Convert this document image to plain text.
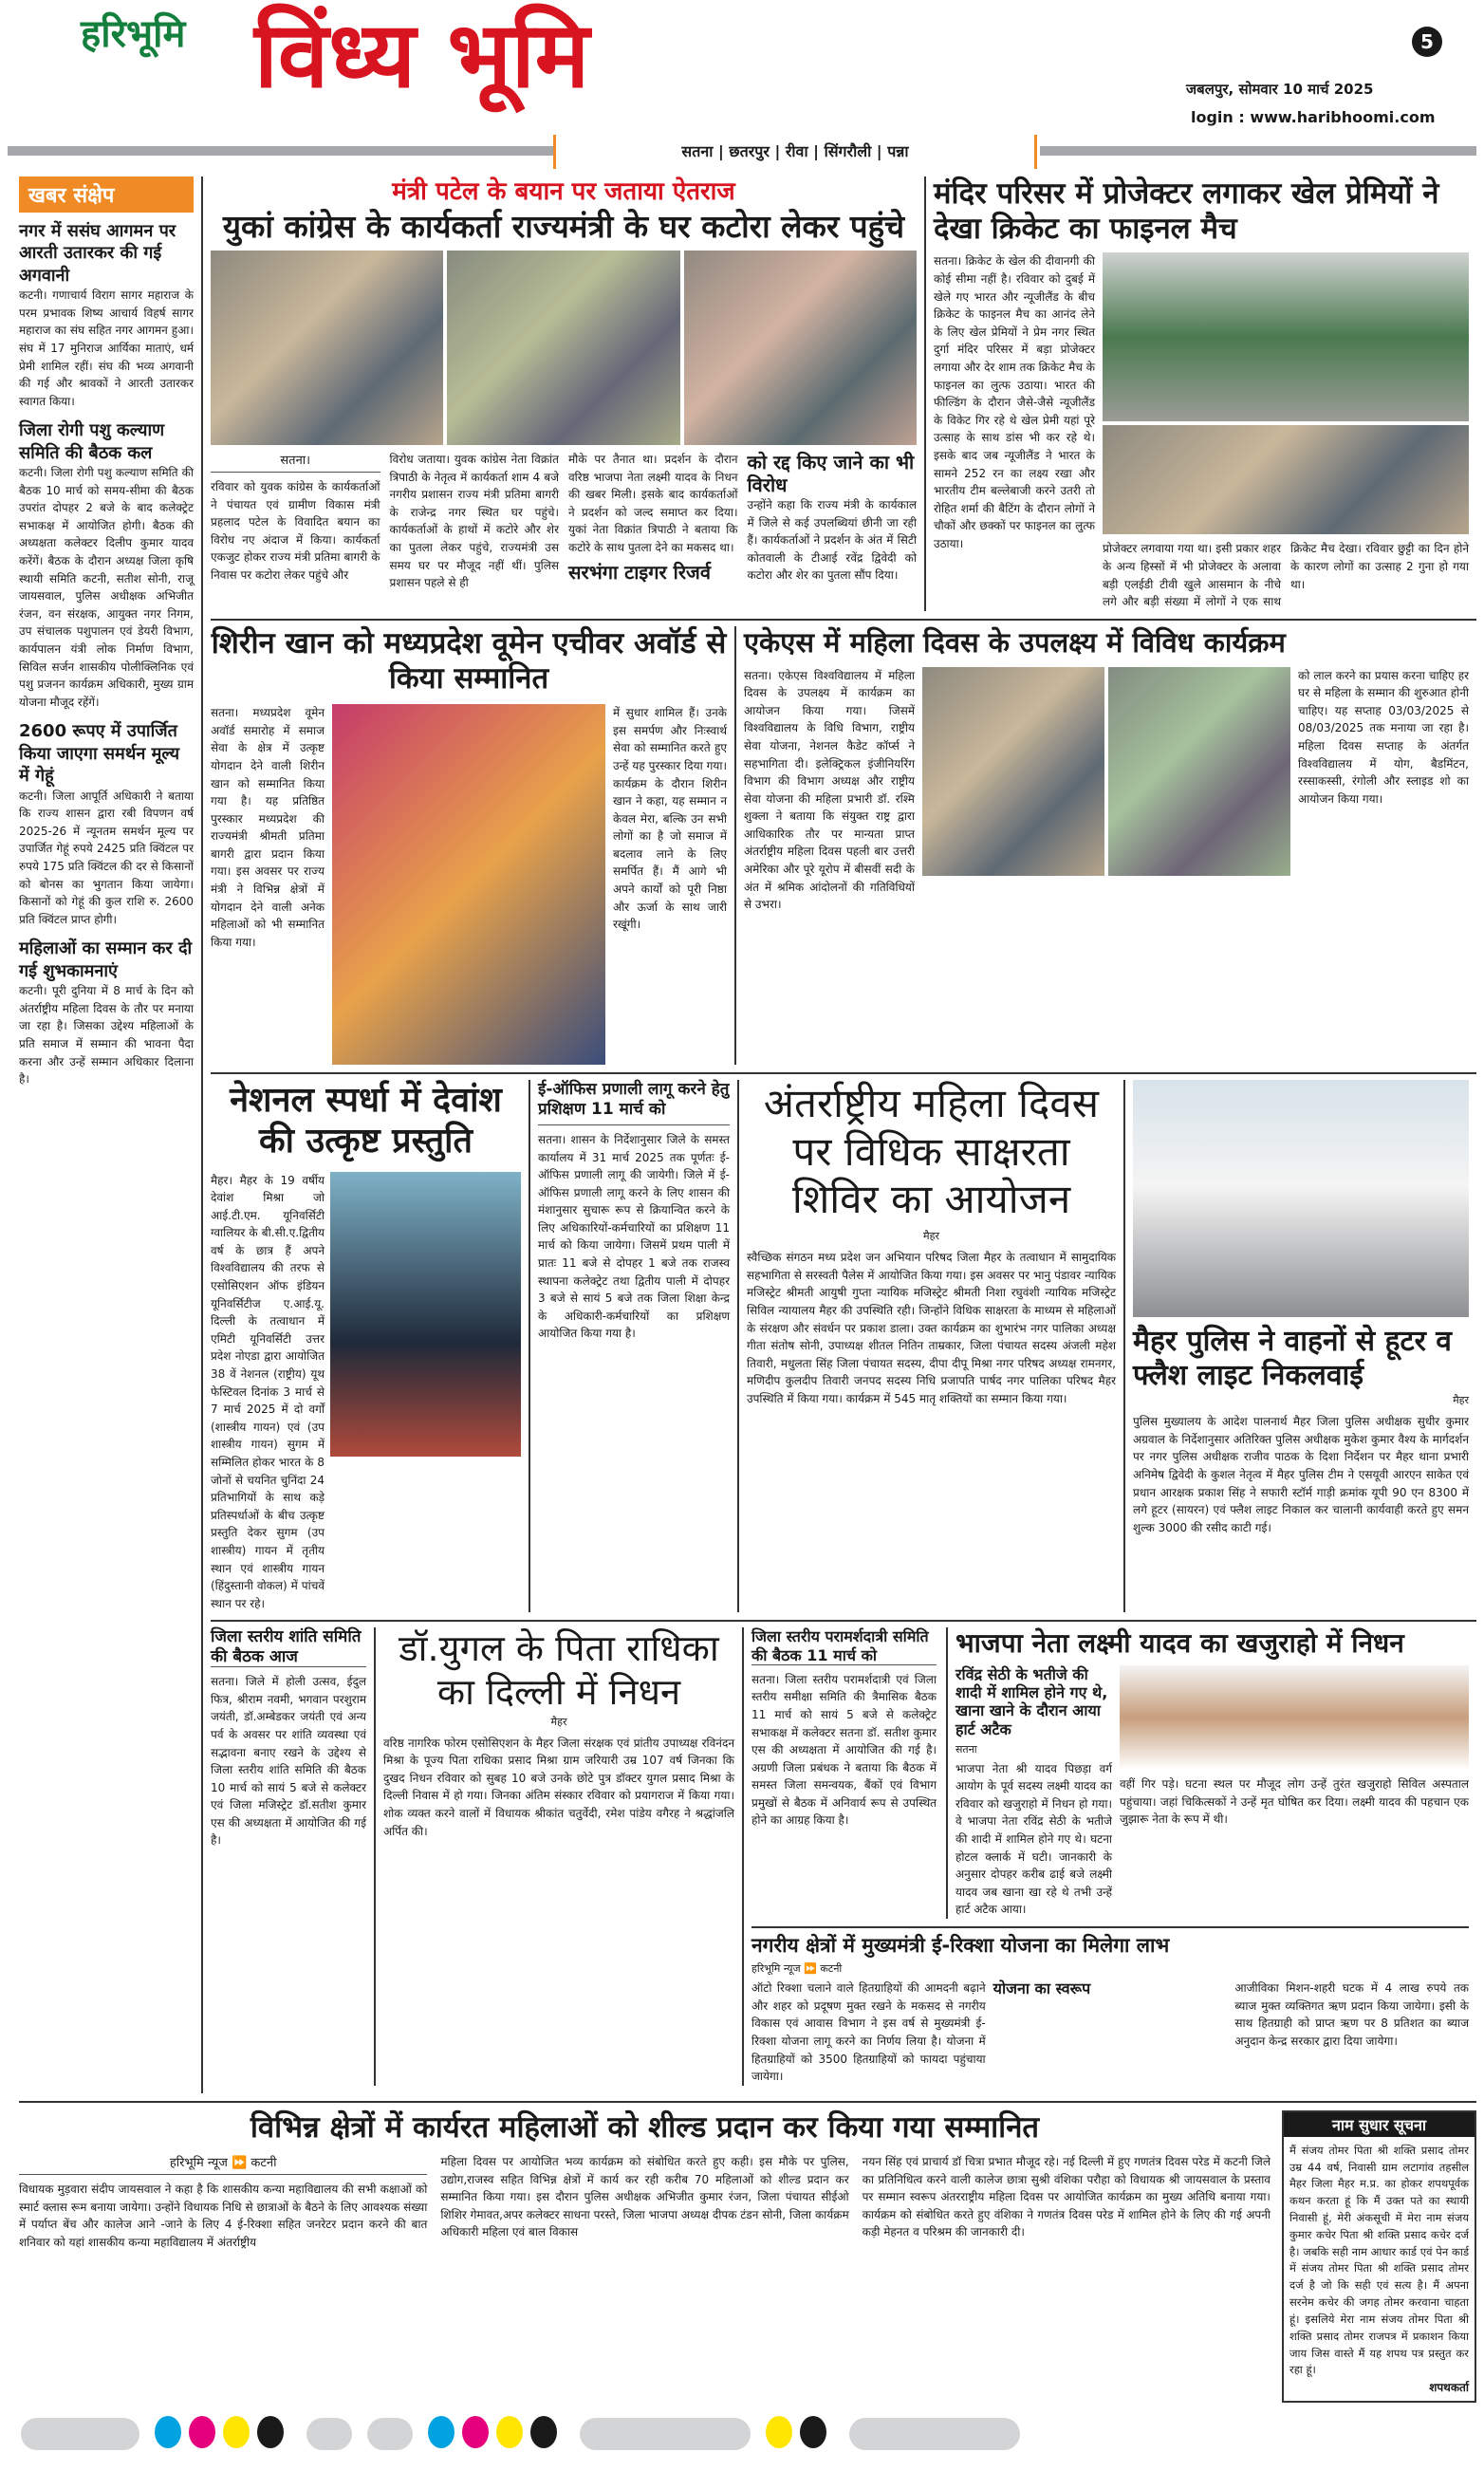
हरिभूमि विंध्य भूमि	5
जबलपुर, सोमवार 10 मार्च 2025
login : www.haribhoomi.com
सतना | छतरपुर | रीवा | सिंगरौली | पन्ना
खबर संक्षेप
नगर में ससंघ आगमन पर आरती उतारकर की गई अगवानी
कटनी। गणाचार्य विराग सागर महाराज के परम प्रभावक शिष्य आचार्य विहर्ष सागर महाराज का संघ सहित नगर आगमन हुआ। संघ में 17 मुनिराज आर्यिका माताएं, धर्म प्रेमी शामिल रहीं। संघ की भव्य अगवानी की गई और श्रावकों ने आरती उतारकर स्वागत किया।
जिला रोगी पशु कल्याण समिति की बैठक कल
कटनी। जिला रोगी पशु कल्याण समिति की बैठक 10 मार्च को समय-सीमा की बैठक उपरांत दोपहर 2 बजे के बाद कलेक्ट्रेट सभाकक्ष में आयोजित होगी। बैठक की अध्यक्षता कलेक्टर दिलीप कुमार यादव करेंगें। बैठक के दौरान अध्यक्ष जिला कृषि स्थायी समिति कटनी, सतीश सोनी, राजू जायसवाल, पुलिस अधीक्षक अभिजीत रंजन, वन संरक्षक, आयुक्त नगर निगम, उप संचालक पशुपालन एवं डेयरी विभाग, कार्यपालन यंत्री लोक निर्माण विभाग, सिविल सर्जन शासकीय पोलीक्लिनिक एवं पशु प्रजनन कार्यक्रम अधिकारी, मुख्य ग्राम योजना मौजूद रहेंगें।
2600 रूपए में उपार्जित किया जाएगा समर्थन मूल्य में गेहूं
कटनी। जिला आपूर्ति अधिकारी ने बताया कि राज्य शासन द्वारा रबी विपणन वर्ष 2025-26 में न्यूनतम समर्थन मूल्य पर उपार्जित गेहूं रुपये 2425 प्रति क्विंटल पर रुपये 175 प्रति क्विंटल की दर से किसानों को बोनस का भुगतान किया जायेगा। किसानों को गेहूं की कुल राशि रु. 2600 प्रति क्विंटल प्राप्त होगी।
महिलाओं का सम्मान कर दी गई शुभकामनाएं
कटनी। पूरी दुनिया में 8 मार्च के दिन को अंतर्राष्ट्रीय महिला दिवस के तौर पर मनाया जा रहा है। जिसका उद्देश्य महिलाओं के प्रति समाज में सम्मान की भावना पैदा करना और उन्हें सम्मान अधिकार दिलाना है।
मंत्री पटेल के बयान पर जताया ऐतराज
युकां कांग्रेस के कार्यकर्ता राज्यमंत्री के घर कटोरा लेकर पहुंचे
सतना।
रविवार को युवक कांग्रेस के कार्यकर्ताओं ने पंचायत एवं ग्रामीण विकास मंत्री प्रहलाद पटेल के विवादित बयान का विरोध नए अंदाज में किया। कार्यकर्ता एकजुट होकर राज्य मंत्री प्रतिमा बागरी के निवास पर कटोरा लेकर पहुंचे और
विरोध जताया। युवक कांग्रेस नेता विक्रांत त्रिपाठी के नेतृत्व में कार्यकर्ता शाम 4 बजे नगरीय प्रशासन राज्य मंत्री प्रतिमा बागरी के राजेन्द्र नगर स्थित घर पहुंचे। कार्यकर्ताओं के हाथों में कटोरे और शेर का पुतला लेकर पहुंचे, राज्यमंत्री उस समय घर पर मौजूद नहीं थीं। पुलिस प्रशासन पहले से ही
मौके पर तैनात था। प्रदर्शन के दौरान वरिष्ठ भाजपा नेता लक्ष्मी यादव के निधन की खबर मिली। इसके बाद कार्यकर्ताओं ने प्रदर्शन को जल्द समाप्त कर दिया। युकां नेता विक्रांत त्रिपाठी ने बताया कि कटोरे के साथ पुतला देने का मकसद था।
सरभंगा टाइगर रिजर्व
को रद्द किए जाने का भी विरोध
उन्होंने कहा कि राज्य मंत्री के कार्यकाल में जिले से कई उपलब्धियां छीनी जा रही हैं। कार्यकर्ताओं ने प्रदर्शन के अंत में सिटी कोतवाली के टीआई रवेंद्र द्विवेदी को कटोरा और शेर का पुतला सौंप दिया।
मंदिर परिसर में प्रोजेक्टर लगाकर खेल प्रेमियों ने देखा क्रिकेट का फाइनल मैच
सतना। क्रिकेट के खेल की दीवानगी की कोई सीमा नहीं है। रविवार को दुबई में खेले गए भारत और न्यूजीलैंड के बीच क्रिकेट के फाइनल मैच का आनंद लेने के लिए खेल प्रेमियों ने प्रेम नगर स्थित दुर्गा मंदिर परिसर में बड़ा प्रोजेक्टर लगाया और देर शाम तक क्रिकेट मैच के फाइनल का लुत्फ उठाया। भारत की फील्डिंग के दौरान जैसे-जैसे न्यूजीलैंड के विकेट गिर रहे थे खेल प्रेमी यहां पूरे उत्साह के साथ डांस भी कर रहे थे। इसके बाद जब न्यूजीलैंड ने भारत के सामने 252 रन का लक्ष्य रखा और भारतीय टीम बल्लेबाजी करने उतरी तो रोहित शर्मा की बैटिंग के दौरान लोगों ने चौकों और छक्कों पर फाइनल का लुत्फ उठाया।	प्रोजेक्टर लगवाया गया था। इसी प्रकार शहर के अन्य हिस्सों में भी प्रोजेक्टर के अलावा बड़ी एलईडी टीवी खुले आसमान के नीचे लगे और बड़ी संख्या में लोगों ने एक साथ क्रिकेट मैच देखा। रविवार छुट्टी का दिन होने के कारण लोगों का उत्साह 2 गुना हो गया था।
शिरीन खान को मध्यप्रदेश वूमेन एचीवर अवॉर्ड से किया सम्मानित
सतना। मध्यप्रदेश वूमेन अवॉर्ड समारोह में समाज सेवा के क्षेत्र में उत्कृष्ट योगदान देने वाली शिरीन खान को सम्मानित किया गया है। यह प्रतिष्ठित पुरस्कार मध्यप्रदेश की राज्यमंत्री श्रीमती प्रतिमा बागरी द्वारा प्रदान किया गया। इस अवसर पर राज्य मंत्री ने विभिन्न क्षेत्रों में योगदान देने वाली अनेक महिलाओं को भी सम्मानित किया गया।
में सुधार शामिल हैं। उनके इस समर्पण और निःस्वार्थ सेवा को सम्मानित करते हुए उन्हें यह पुरस्कार दिया गया। कार्यक्रम के दौरान शिरीन खान ने कहा, यह सम्मान न केवल मेरा, बल्कि उन सभी लोगों का है जो समाज में बदलाव लाने के लिए समर्पित हैं। मैं आगे भी अपने कार्यों को पूरी निष्ठा और ऊर्जा के साथ जारी रखूंगी।
एकेएस में महिला दिवस के उपलक्ष्य में विविध कार्यक्रम
सतना। एकेएस विश्वविद्यालय में महिला दिवस के उपलक्ष्य में कार्यक्रम का आयोजन किया गया। जिसमें विश्वविद्यालय के विधि विभाग, राष्ट्रीय सेवा योजना, नेशनल कैडेट कॉर्प्स ने सहभागिता दी। इलेक्ट्रिकल इंजीनियरिंग विभाग की विभाग अध्यक्ष और राष्ट्रीय सेवा योजना की महिला प्रभारी डॉ. रश्मि शुक्ला ने बताया कि संयुक्त राष्ट्र द्वारा आधिकारिक तौर पर मान्यता प्राप्त अंतर्राष्ट्रीय महिला दिवस पहली बार उत्तरी अमेरिका और पूरे यूरोप में बीसवीं सदी के अंत में श्रमिक आंदोलनों की गतिविधियों से उभरा।
को लाल करने का प्रयास करना चाहिए हर घर से महिला के सम्मान की शुरुआत होनी चाहिए। यह सप्ताह 03/03/2025 से 08/03/2025 तक मनाया जा रहा है। महिला दिवस सप्ताह के अंतर्गत विश्वविद्यालय में योग, बैडमिंटन, रस्साकस्सी, रंगोली और स्लाइड शो का आयोजन किया गया।
नेशनल स्पर्धा में देवांश की उत्कृष्ट प्रस्तुति
मैहर। मैहर के 19 वर्षीय देवांश मिश्रा जो आई.टी.एम. यूनिवर्सिटी ग्वालियर के बी.सी.ए.द्वितीय वर्ष के छात्र हैं अपने विश्वविद्यालय की तरफ से एसोसिएशन ऑफ इंडियन यूनिवर्सिटीज ए.आई.यू. दिल्ली के तत्वाधान में एमिटी यूनिवर्सिटी उत्तर प्रदेश नोएडा द्वारा आयोजित 38 वें नेशनल (राष्ट्रीय) यूथ फेस्टिवल दिनांक 3 मार्च से 7 मार्च 2025 में दो वर्गों (शास्त्रीय गायन) एवं (उप शास्त्रीय गायन) सुगम में सम्मिलित होकर भारत के 8 जोनों से चयनित चुनिंदा 24 प्रतिभागियों के साथ कड़े प्रतिस्पर्धाओं के बीच उत्कृष्ट प्रस्तुति देकर सुगम (उप शास्त्रीय) गायन में तृतीय स्थान एवं शास्त्रीय गायन (हिंदुस्तानी वोकल) में पांचवें स्थान पर रहे।
ई-ऑफिस प्रणाली लागू करने हेतु प्रशिक्षण 11 मार्च को
सतना। शासन के निर्देशानुसार जिले के समस्त कार्यालय में 31 मार्च 2025 तक पूर्णतः ई-ऑफिस प्रणाली लागू की जायेगी। जिले में ई-ऑफिस प्रणाली लागू करने के लिए शासन की मंशानुसार सुचारू रूप से क्रियान्वित करने के लिए अधिकारियों-कर्मचारियों का प्रशिक्षण 11 मार्च को किया जायेगा। जिसमें प्रथम पाली में प्रातः 11 बजे से दोपहर 1 बजे तक राजस्व स्थापना कलेक्ट्रेट तथा द्वितीय पाली में दोपहर 3 बजे से सायं 5 बजे तक जिला शिक्षा केन्द्र के अधिकारी-कर्मचारियों का प्रशिक्षण आयोजित किया गया है।
अंतर्राष्ट्रीय महिला दिवस पर विधिक साक्षरता शिविर का आयोजन
मैहर
स्वैच्छिक संगठन मध्य प्रदेश जन अभियान परिषद जिला मैहर के तत्वाधान में सामुदायिक सहभागिता से सरस्वती पैलेस में आयोजित किया गया। इस अवसर पर भानु पंडावर न्यायिक मजिस्ट्रेट श्रीमती आयुषी गुप्ता न्यायिक मजिस्ट्रेट श्रीमती निशा रघुवंशी न्यायिक मजिस्ट्रेट सिविल न्यायालय मैहर की उपस्थिति रही। जिन्होंने विधिक साक्षरता के माध्यम से महिलाओं के संरक्षण और संवर्धन पर प्रकाश डाला। उक्त कार्यक्रम का शुभारंभ नगर पालिका अध्यक्ष गीता संतोष सोनी, उपाध्यक्ष शीतल नितिन ताम्रकार, जिला पंचायत सदस्य अंजली महेश तिवारी, मधुलता सिंह जिला पंचायत सदस्य, दीपा दीपू मिश्रा नगर परिषद अध्यक्ष रामनगर, मणिदीप कुलदीप तिवारी जनपद सदस्य निधि प्रजापति पार्षद नगर पालिका परिषद मैहर उपस्थिति में किया गया। कार्यक्रम में 545 मातृ शक्तियों का सम्मान किया गया।
मैहर पुलिस ने वाहनों से हूटर व फ्लैश लाइट निकलवाई
मैहर
पुलिस मुख्यालय के आदेश पालनार्थ मैहर जिला पुलिस अधीक्षक सुधीर कुमार अग्रवाल के निर्देशानुसार अतिरिक्त पुलिस अधीक्षक मुकेश कुमार वैश्य के मार्गदर्शन पर नगर पुलिस अधीक्षक राजीव पाठक के दिशा निर्देशन पर मैहर थाना प्रभारी अनिमेष द्विवेदी के कुशल नेतृत्व में मैहर पुलिस टीम ने एसयूवी आरएन साकेत एवं प्रधान आरक्षक प्रकाश सिंह ने सफारी स्टॉर्म गाड़ी क्रमांक यूपी 90 एन 8300 में लगे हूटर (सायरन) एवं फ्लैश लाइट निकाल कर चालानी कार्यवाही करते हुए समन शुल्क 3000 की रसीद काटी गई।
जिला स्तरीय शांति समिति की बैठक आज
सतना। जिले में होली उत्सव, ईदुल फित्र, श्रीराम नवमी, भगवान परशुराम जयंती, डॉ.अम्बेडकर जयंती एवं अन्य पर्व के अवसर पर शांति व्यवस्था एवं सद्भावना बनाए रखने के उद्देश्य से जिला स्तरीय शांति समिति की बैठक 10 मार्च को सायं 5 बजे से कलेक्टर एवं जिला मजिस्ट्रेट डॉ.सतीश कुमार एस की अध्यक्षता में आयोजित की गई है।
डॉ.युगल के पिता राधिका का दिल्ली में निधन
मैहर
वरिष्ठ नागरिक फोरम एसोसिएशन के मैहर जिला संरक्षक एवं प्रांतीय उपाध्यक्ष रविनंदन मिश्रा के पूज्य पिता राधिका प्रसाद मिश्रा ग्राम जरियारी उम्र 107 वर्ष जिनका कि दुखद निधन रविवार को सुबह 10 बजे उनके छोटे पुत्र डॉक्टर युगल प्रसाद मिश्रा के दिल्ली निवास में हो गया। जिनका अंतिम संस्कार रविवार को प्रयागराज में किया गया। शोक व्यक्त करने वालों में विधायक श्रीकांत चतुर्वेदी, रमेश पांडेय वगैरह ने श्रद्धांजलि अर्पित की।
जिला स्तरीय परामर्शदात्री समिति की बैठक 11 मार्च को
सतना। जिला स्तरीय परामर्शदात्री एवं जिला स्तरीय समीक्षा समिति की त्रैमासिक बैठक 11 मार्च को सायं 5 बजे से कलेक्ट्रेट सभाकक्ष में कलेक्टर सतना डॉ. सतीश कुमार एस की अध्यक्षता में आयोजित की गई है। अग्रणी जिला प्रबंधक ने बताया कि बैठक में समस्त जिला समन्वयक, बैंकों एवं विभाग प्रमुखों से बैठक में अनिवार्य रूप से उपस्थित होने का आग्रह किया है।
भाजपा नेता लक्ष्मी यादव का खजुराहो में निधन
रविंद्र सेठी के भतीजे की शादी में शामिल होने गए थे, खाना खाने के दौरान आया हार्ट अटैक
सतना
भाजपा नेता श्री यादव पिछड़ा वर्ग आयोग के पूर्व सदस्य लक्ष्मी यादव का रविवार को खजुराहो में निधन हो गया। वे भाजपा नेता रविंद्र सेठी के भतीजे की शादी में शामिल होने गए थे। घटना होटल क्लार्क में घटी। जानकारी के अनुसार दोपहर करीब ढाई बजे लक्ष्मी यादव जब खाना खा रहे थे तभी उन्हें हार्ट अटैक आया।
वहीं गिर पड़े। घटना स्थल पर मौजूद लोग उन्हें तुरंत खजुराहो सिविल अस्पताल पहुंचाया। जहां चिकित्सकों ने उन्हें मृत घोषित कर दिया। लक्ष्मी यादव की पहचान एक जुझारू नेता के रूप में थी।
नगरीय क्षेत्रों में मुख्यमंत्री ई-रिक्शा योजना का मिलेगा लाभ
हरिभूमि न्यूज ⏩ कटनी
ऑटो रिक्शा चलाने वाले हितग्राहियों की आमदनी बढ़ाने और शहर को प्रदूषण मुक्त रखने के मकसद से नगरीय विकास एवं आवास विभाग ने इस वर्ष से मुख्यमंत्री ई-रिक्शा योजना लागू करने का निर्णय लिया है। योजना में हितग्राहियों को 3500 हितग्राहियों को फायदा पहुंचाया जायेगा।
योजना का स्वरूप	आजीविका मिशन-शहरी घटक में 4 लाख रुपये तक ब्याज मुक्त व्यक्तिगत ऋण प्रदान किया जायेगा। इसी के साथ हितग्राही को प्राप्त ऋण पर 8 प्रतिशत का ब्याज अनुदान केन्द्र सरकार द्वारा दिया जायेगा।
विभिन्न क्षेत्रों में कार्यरत महिलाओं को शील्ड प्रदान कर किया गया सम्मानित
हरिभूमि न्यूज ⏩ कटनी
विधायक मुड़वारा संदीप जायसवाल ने कहा है कि शासकीय कन्या महाविद्यालय की सभी कक्षाओं को स्मार्ट क्लास रूम बनाया जायेगा। उन्होंने विधायक निधि से छात्राओं के बैठने के लिए आवश्यक संख्या में पर्याप्त बेंच और कालेज आने -जाने के लिए 4 ई-रिक्शा सहित जनरेटर प्रदान करने की बात शनिवार को यहां शासकीय कन्या महाविद्यालय में अंतर्राष्ट्रीय
महिला दिवस पर आयोजित भव्य कार्यक्रम को संबोधित करते हुए कही। इस मौके पर पुलिस, उद्योग,राजस्व सहित विभिन्न क्षेत्रों में कार्य कर रही करीब 70 महिलाओं को शील्ड प्रदान कर सम्मानित किया गया। इस दौरान पुलिस अधीक्षक अभिजीत कुमार रंजन, जिला पंचायत सीईओ शिशिर गेमावत,अपर कलेक्टर साधना परस्ते, जिला भाजपा अध्यक्ष दीपक टंडन सोनी, जिला कार्यक्रम अधिकारी महिला एवं बाल विकास
नयन सिंह एवं प्राचार्य डॉ चित्रा प्रभात मौजूद रहे। नई दिल्ली में हुए गणतंत्र दिवस परेड में कटनी जिले का प्रतिनिधित्व करने वाली कालेज छात्रा सुश्री वंशिका परौहा को विधायक श्री जायसवाल के प्रस्ताव पर सम्मान स्वरूप अंतरराष्ट्रीय महिला दिवस पर आयोजित कार्यक्रम का मुख्य अतिथि बनाया गया। कार्यक्रम को संबोधित करते हुए वंशिका ने गणतंत्र दिवस परेड में शामिल होने के लिए की गई अपनी कड़ी मेहनत व परिश्रम की जानकारी दी।
नाम सुधार सूचना
मैं संजय तोमर पिता श्री शक्ति प्रसाद तोमर उम्र 44 वर्ष, निवासी ग्राम लटागांव तहसील मैहर जिला मैहर म.प्र. का होकर शपथपूर्वक कथन करता हूं कि मैं उक्त पते का स्थायी निवासी हूं, मेरी अंकसूची में मेरा नाम संजय कुमार कचेर पिता श्री शक्ति प्रसाद कचेर दर्ज है। जबकि सही नाम आधार कार्ड एवं पेन कार्ड में संजय तोमर पिता श्री शक्ति प्रसाद तोमर दर्ज है जो कि सही एवं सत्य है। मैं अपना सरनेम कचेर की जगह तोमर करवाना चाहता हूं। इसलिये मेरा नाम संजय तोमर पिता श्री शक्ति प्रसाद तोमर राजपत्र में प्रकाशन किया जाय जिस वास्ते मैं यह शपथ पत्र प्रस्तुत कर रहा हूं।
शपथकर्ता
